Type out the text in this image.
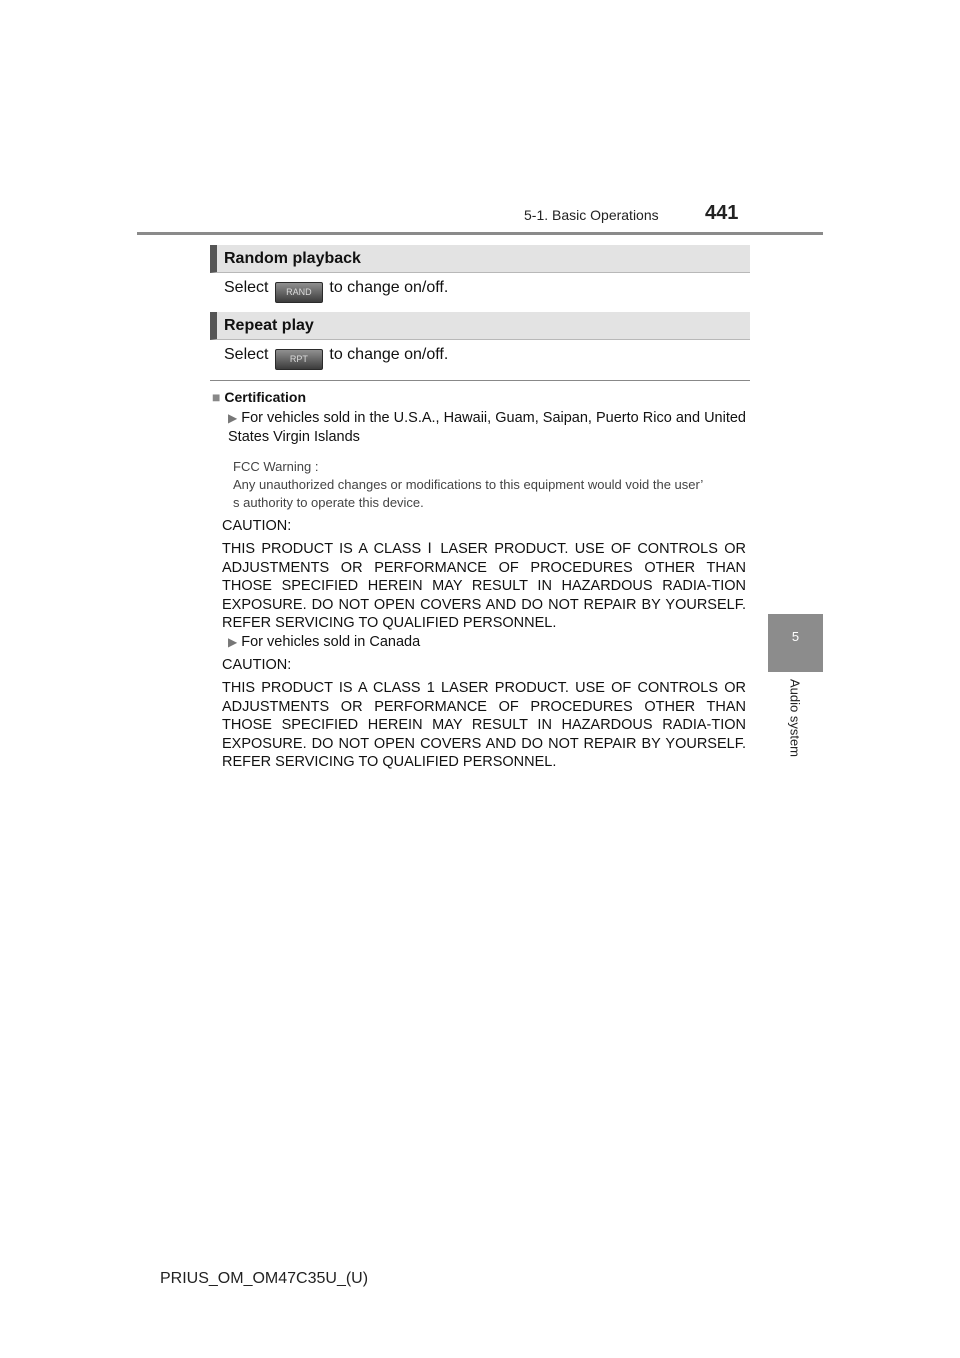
5-1. Basic Operations 441
5
Audio system
Random playback
Select RAND to change on/off.
Repeat play
Select RPT to change on/off.
■ Certification
▶ For vehicles sold in the U.S.A., Hawaii, Guam, Saipan, Puerto Rico and United States Virgin Islands
FCC Warning :
Any unauthorized changes or modifications to this equipment would void the user’
s authority to operate this device.
CAUTION:
THIS PRODUCT IS A CLASS Ⅰ LASER PRODUCT. USE OF CONTROLS OR ADJUSTMENTS OR PERFORMANCE OF PROCEDURES OTHER THAN THOSE SPECIFIED HEREIN MAY RESULT IN HAZARDOUS RADIA-TION EXPOSURE. DO NOT OPEN COVERS AND DO NOT REPAIR BY YOURSELF. REFER SERVICING TO QUALIFIED PERSONNEL.
▶ For vehicles sold in Canada
CAUTION:
THIS PRODUCT IS A CLASS 1 LASER PRODUCT. USE OF CONTROLS OR ADJUSTMENTS OR PERFORMANCE OF PROCEDURES OTHER THAN THOSE SPECIFIED HEREIN MAY RESULT IN HAZARDOUS RADIA-TION EXPOSURE. DO NOT OPEN COVERS AND DO NOT REPAIR BY YOURSELF. REFER SERVICING TO QUALIFIED PERSONNEL.
PRIUS_OM_OM47C35U_(U)
